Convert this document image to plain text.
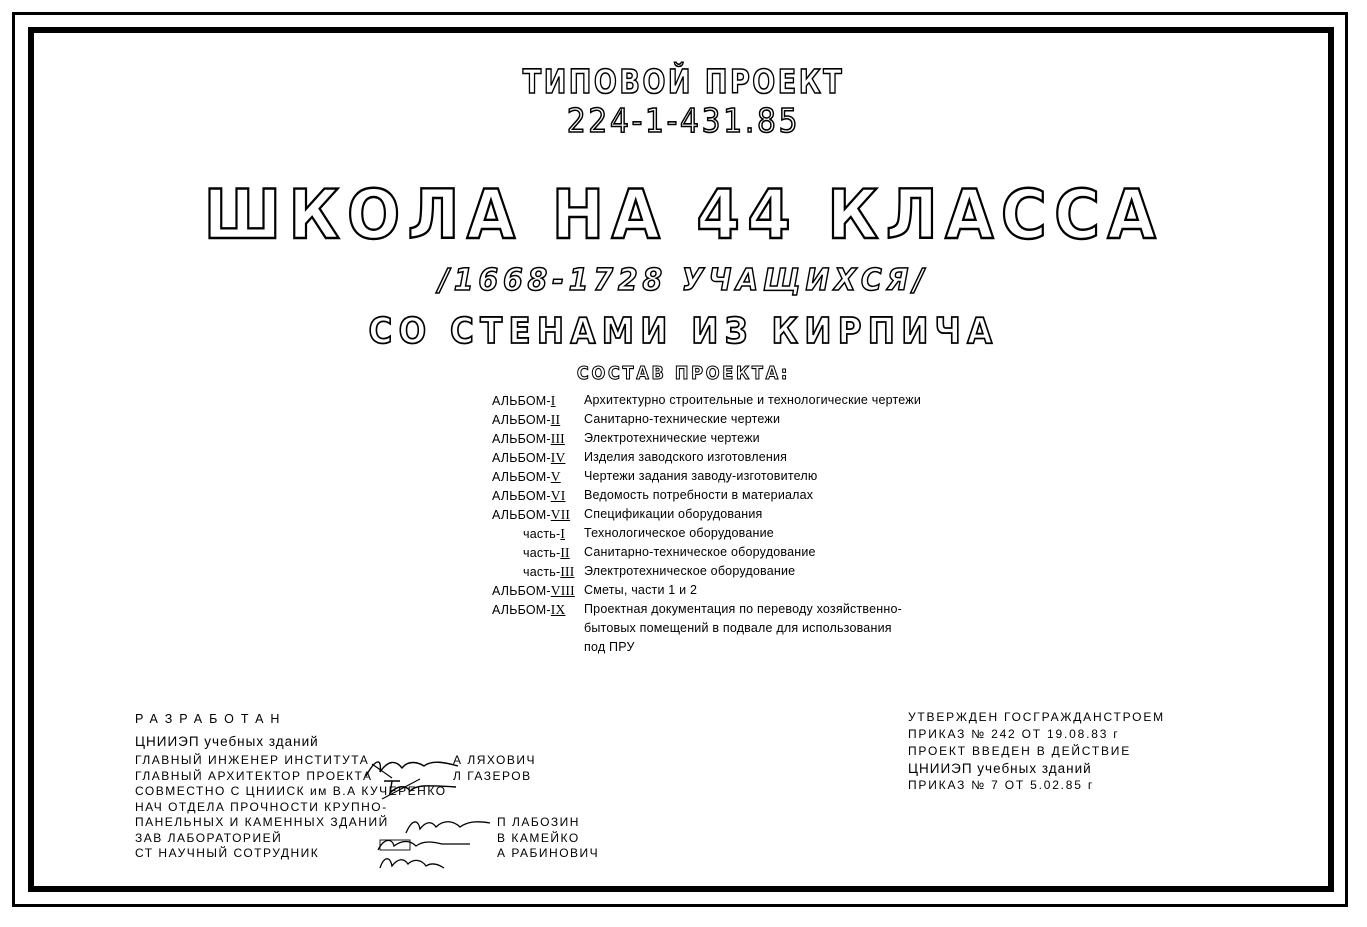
ТИПОВОЙ ПРОЕКТ
224-1-431.85
ШКОЛА НА 44 КЛАССА
/1668-1728 УЧАЩИХСЯ/
СО СТЕНАМИ ИЗ КИРПИЧА
СОСТАВ ПРОЕКТА:
АЛЬБОМ-I	Архитектурно строительные и технологические чертежи
АЛЬБОМ-II	Санитарно-технические чертежи
АЛЬБОМ-III	Электротехнические чертежи
АЛЬБОМ-IV	Изделия заводского изготовления
АЛЬБОМ-V	Чертежи задания заводу-изготовителю
АЛЬБОМ-VI	Ведомость потребности в материалах
АЛЬБОМ-VII	Спецификации оборудования
часть-I	Технологическое оборудование
часть-II	Санитарно-техническое оборудование
часть-III Электротехническое оборудование
АЛЬБОМ-VIII Сметы, части 1 и 2
АЛЬБОМ-IX	Проектная документация по переводу хозяйственно-
бытовых помещений в подвале для использования
под ПРУ
РАЗРАБОТАН
ЦНИИЭП учебных зданий
ГЛАВНЫЙ ИНЖЕНЕР ИНСТИТУТА	А ЛЯХОВИЧ
ГЛАВНЫЙ АРХИТЕКТОР ПРОЕКТА	Л ГАЗЕРОВ
СОВМЕСТНО С ЦНИИСК им В.А КУЧЕРЕНКО
НАЧ ОТДЕЛА ПРОЧНОСТИ КРУПНО-
ПАНЕЛЬНЫХ И КАМЕННЫХ ЗДАНИЙ	П ЛАБОЗИН
ЗАВ ЛАБОРАТОРИЕЙ	В КАМЕЙКО
СТ НАУЧНЫЙ СОТРУДНИК	А РАБИНОВИЧ
УТВЕРЖДЕН ГОСГРАЖДАНСТРОЕМ
ПРИКАЗ № 242 ОТ 19.08.83 г
ПРОЕКТ ВВЕДЕН В ДЕЙСТВИЕ
ЦНИИЭП учебных зданий
ПРИКАЗ № 7 ОТ 5.02.85 г
